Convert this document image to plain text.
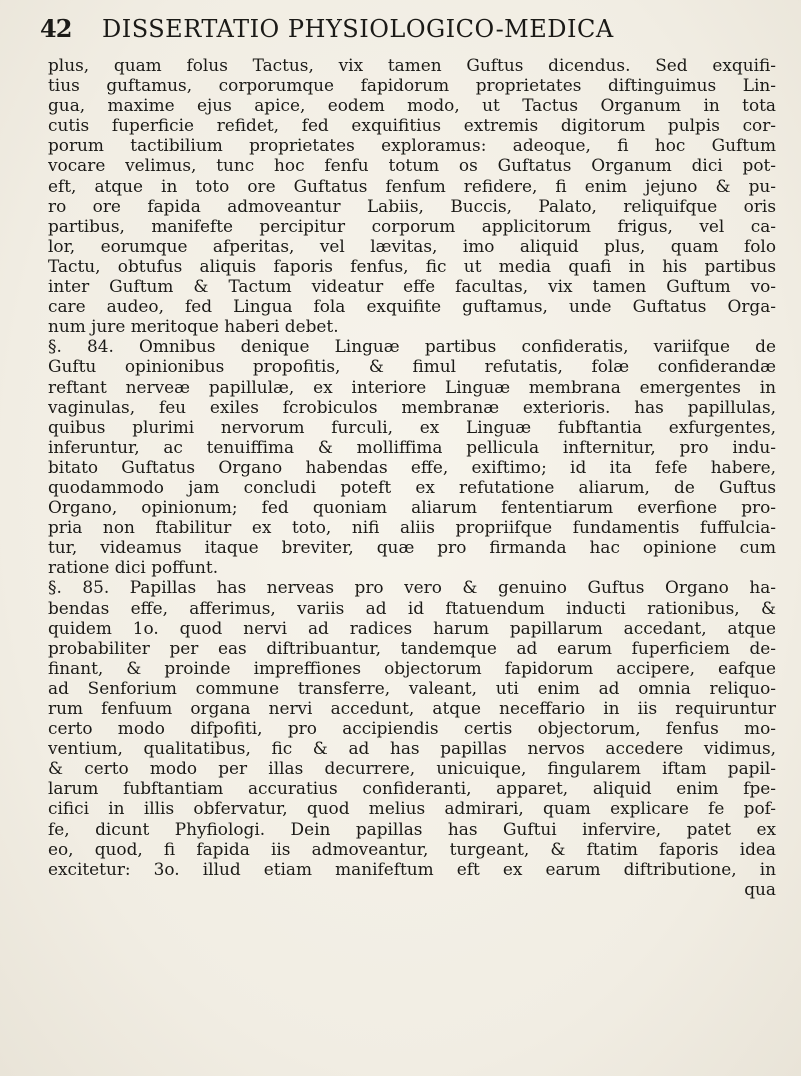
42 DISSERTATIO PHYSIOLOGICO-MEDICA
plus, quam folus Tactus, vix tamen Guftus dicendus. Sed exquifi-
tius guftamus, corporumque fapidorum proprietates diftinguimus Lin-
gua, maxime ejus apice, eodem modo, ut Tactus Organum in tota
cutis fuperficie refidet, fed exquifitius extremis digitorum pulpis cor-
porum tactibilium proprietates exploramus: adeoque, fi hoc Guftum
vocare velimus, tunc hoc fenfu totum os Guftatus Organum dici pot-
eft, atque in toto ore Guftatus fenfum refidere, fi enim jejuno & pu-
ro ore fapida admoveantur Labiis, Buccis, Palato, reliquifque oris
partibus, manifefte percipitur corporum applicitorum frigus, vel ca-
lor, eorumque afperitas, vel lævitas, imo aliquid plus, quam folo
Tactu, obtufus aliquis faporis fenfus, fic ut media quafi in his partibus
inter Guftum & Tactum videatur effe facultas, vix tamen Guftum vo-
care audeo, fed Lingua fola exquifite guftamus, unde Guftatus Orga-
num jure meritoque haberi debet.
§. 84. Omnibus denique Linguæ partibus confideratis, variifque de
Guftu opinionibus propofitis, & fimul refutatis, folæ confiderandæ
reftant nerveæ papillulæ, ex interiore Linguæ membrana emergentes in
vaginulas, feu exiles fcrobiculos membranæ exterioris. has papillulas,
quibus plurimi nervorum furculi, ex Linguæ fubftantia exfurgentes,
inferuntur, ac tenuiffima & molliffima pellicula infternitur, pro indu-
bitato Guftatus Organo habendas effe, exiftimo; id ita fefe habere,
quodammodo jam concludi poteft ex refutatione aliarum, de Guftus
Organo, opinionum; fed quoniam aliarum fententiarum everfione pro-
pria non ftabilitur ex toto, nifi aliis propriifque fundamentis fuffulcia-
tur, videamus itaque breviter, quæ pro firmanda hac opinione cum
ratione dici poffunt.
§. 85. Papillas has nerveas pro vero & genuino Guftus Organo ha-
bendas effe, afferimus, variis ad id ftatuendum inducti rationibus, &
quidem 1o. quod nervi ad radices harum papillarum accedant, atque
probabiliter per eas diftribuantur, tandemque ad earum fuperficiem de-
finant, & proinde impreffiones objectorum fapidorum accipere, eafque
ad Senforium commune transferre, valeant, uti enim ad omnia reliquo-
rum fenfuum organa nervi accedunt, atque neceffario in iis requiruntur
certo modo difpofiti, pro accipiendis certis objectorum, fenfus mo-
ventium, qualitatibus, fic & ad has papillas nervos accedere vidimus,
& certo modo per illas decurrere, unicuique, fingularem iftam papil-
larum fubftantiam accuratius confideranti, apparet, aliquid enim fpe-
cifici in illis obfervatur, quod melius admirari, quam explicare fe pof-
fe, dicunt Phyfiologi. Dein papillas has Guftui infervire, patet ex
eo, quod, fi fapida iis admoveantur, turgeant, & ftatim faporis idea
excitetur: 3o. illud etiam manifeftum eft ex earum diftributione, in
qua
